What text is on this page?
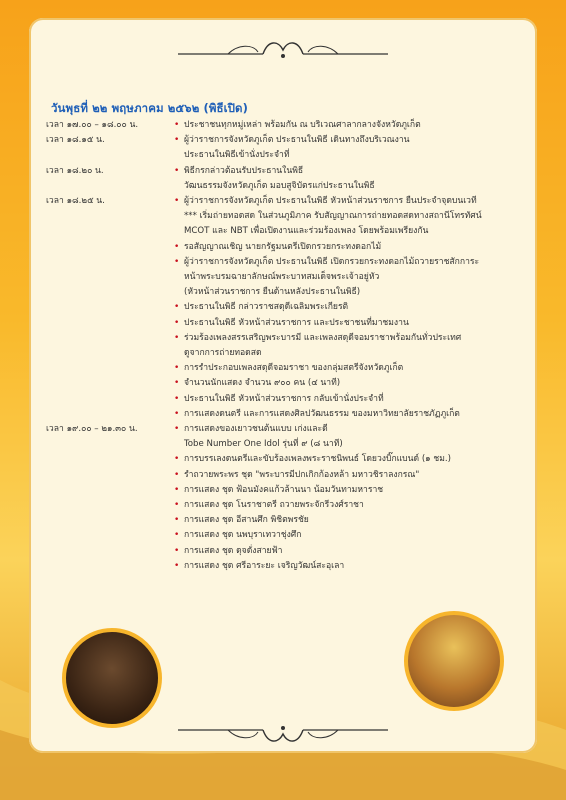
วันพุธที่ ๒๒ พฤษภาคม ๒๕๖๒ (พิธีเปิด)
เวลา ๑๗.๐๐ – ๑๘.๐๐ น.	• ประชาชนทุกหมู่เหล่า พร้อมกัน ณ บริเวณศาลากลางจังหวัดภูเก็ต
เวลา ๑๘.๑๕ น.	• ผู้ว่าราชการจังหวัดภูเก็ต ประธานในพิธี เดินทางถึงบริเวณงาน
ประธานในพิธีเข้านั่งประจำที่
เวลา ๑๘.๒๐ น.	• พิธีกรกล่าวต้อนรับประธานในพิธี
วัฒนธรรมจังหวัดภูเก็ต มอบสูจิบัตรแก่ประธานในพิธี
เวลา ๑๘.๒๕ น.	• ผู้ว่าราชการจังหวัดภูเก็ต ประธานในพิธี หัวหน้าส่วนราชการ ยืนประจำจุดบนเวที
*** เริ่มถ่ายทอดสด ในส่วนภูมิภาค รับสัญญาณการถ่ายทอดสดทางสถานีโทรทัศน์
MCOT และ NBT เพื่อเปิดงานและร่วมร้องเพลง โดยพร้อมเพรียงกัน
• รอสัญญาณเชิญ นายกรัฐมนตรีเปิดกรวยกระทงดอกไม้
• ผู้ว่าราชการจังหวัดภูเก็ต ประธานในพิธี เปิดกรวยกระทงดอกไม้ถวายราชสักการะ
หน้าพระบรมฉายาลักษณ์พระบาทสมเด็จพระเจ้าอยู่หัว
(หัวหน้าส่วนราชการ ยืนด้านหลังประธานในพิธี)
• ประธานในพิธี กล่าวราชสดุดีเฉลิมพระเกียรติ
• ประธานในพิธี หัวหน้าส่วนราชการ และประชาชนที่มาชมงาน
• ร่วมร้องเพลงสรรเสริญพระบารมี และเพลงสดุดีจอมราชาพร้อมกันทั่วประเทศ
ดูจากการถ่ายทอดสด
• การรำประกอบเพลงสดุดีจอมราชา ของกลุ่มสตรีจังหวัดภูเก็ต
• จำนวนนักแสดง จำนวน ๙๐๐ คน (๔ นาที)
• ประธานในพิธี หัวหน้าส่วนราชการ กลับเข้านั่งประจำที่
• การแสดงดนตรี และการแสดงศิลปวัฒนธรรม ของมหาวิทยาลัยราชภัฏภูเก็ต
เวลา ๑๙.๐๐ – ๒๑.๓๐ น.	• การแสดงของเยาวชนต้นแบบ เก่งและดี
Tobe Number One Idol รุ่นที่ ๙ (๘ นาที)
• การบรรเลงดนตรีและขับร้องเพลงพระราชนิพนธ์ โดยวงบิ๊กแบนด์ (๑ ชม.)
• รำถวายพระพร ชุด "พระบารมีปกเกิกก้องหล้า มหาวชิราลงกรณ"
• การแสดง ชุด ฟ้อนมังคแก้วล้านนา น้อมวันทามหาราช
• การแสดง ชุด โนราชาตรี ถวายพระจักรีวงศ์ราชา
• การแสดง ชุด อีสานศึก พิชิตพรชัย
• การแสดง ชุด นพบุราเทวาชุ่งศึก
• การแสดง ชุด ดุจดั่งสายฟ้า
• การแสดง ชุด ศรีอาระยะ เจริญวัฒน์สะอุเลา
